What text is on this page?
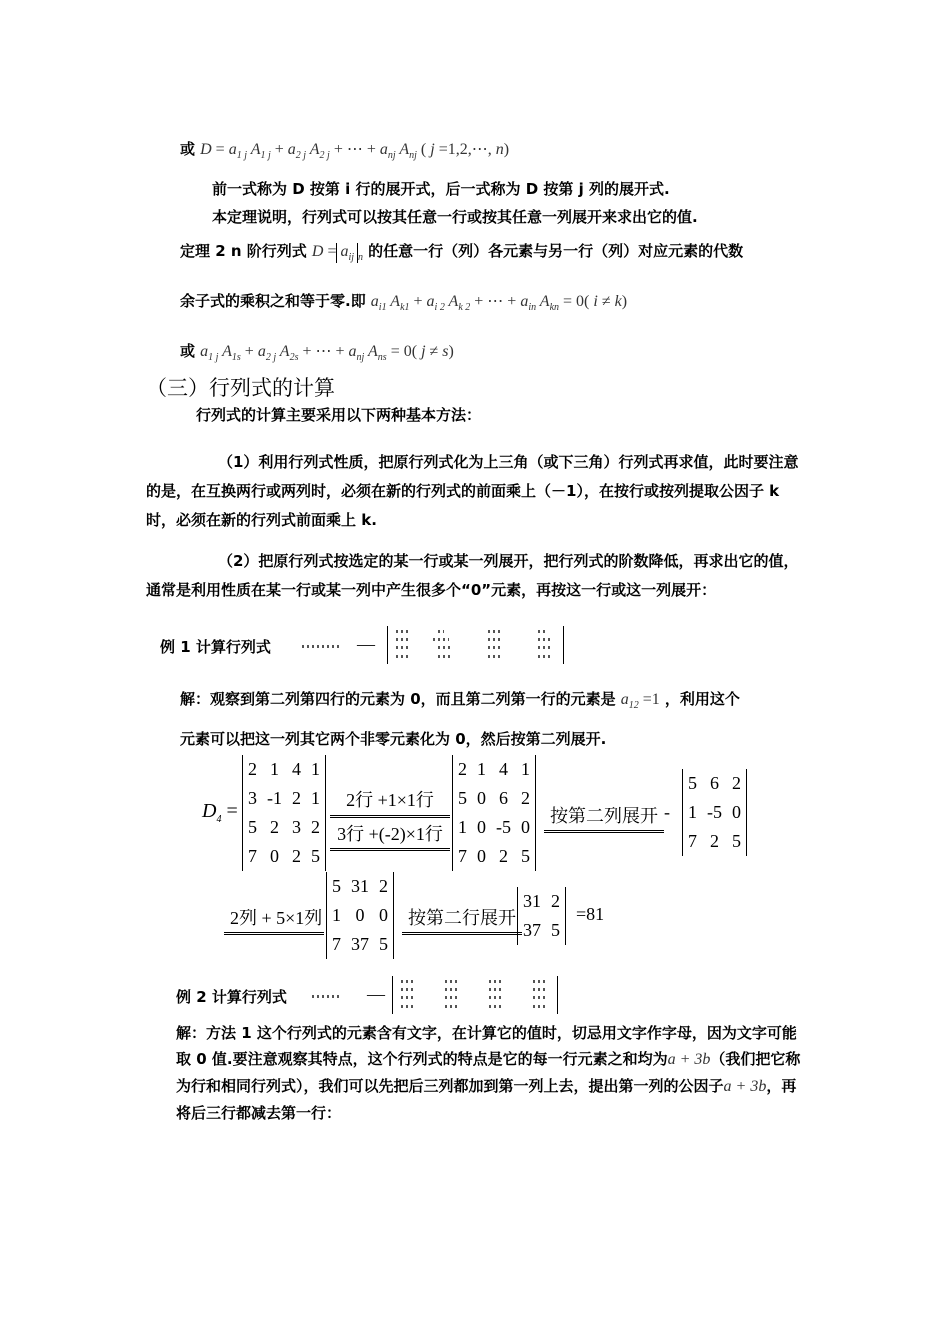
或 $D = a_{1 j}$ $A_{1 j} + a_{2 j}$ $A_{2 j}$ + ⋯ + $a_{nj}$ $A_{nj}$ ( j =1,2,⋯, n)
前一式称为 D 按第 i 行的展开式，后一式称为 D 按第 j 列的展开式.
本定理说明，行列式可以按其任意一行或按其任意一列展开来求出它的值.
定理 2 n 阶行列式 $D = a_{ij}$ $_n$ 的任意一行（列）各元素与另一行（列）对应元素的代数
余子式的乘积之和等于零.即 $a_{i1}$ $A_{k1} + a_{i 2}$ $A_{k 2}$ + ⋯ + $a_{in}$ $A_{kn} = 0$( i ≠ k)
或 $a_{1 j}$ $A_{1s} + a_{2 j}$ $A_{2s}$ + ⋯ + $a_{nj}$ $A_{ns} = 0$( j ≠ s)
（三）行列式的计算
行列式的计算主要采用以下两种基本方法：
（1）利用行列式性质，把原行列式化为上三角（或下三角）行列式再求值，此时要注意的是，在互换两行或两列时，必须在新的行列式的前面乘上（－1），在按行或按列提取公因子 k 时，必须在新的行列式前面乘上 k.
（2）把原行列式按选定的某一行或某一列展开，把行列式的阶数降低，再求出它的值，通常是利用性质在某一行或某一列中产生很多个“0”元素，再按这一行或这一列展开：
例 1 计算行列式	—
解：观察到第二列第四行的元素为 0，而且第二列第一行的元素是 $a_{12} =1$ ，利用这个
元素可以把这一列其它两个非零元素化为 0，然后按第二列展开.
$D_4$ =
2	1	4	1
3	-1	2	1
5	2	3	2
7	0	2	5
2行 +1×1行
3行 +(-2)×1行
2	1	4	1
5	0	6	2
1	0	-5	0
7	0	2	5
按第二列展开 -
5	6	2
1	-5	0
7	2	5
2列 + 5×1列
5	31	2
1	0	0
7	37	5
按第二行展开
31	2
37	5
=81
例 2 计算行列式	—
解：方法 1 这个行列式的元素含有文字，在计算它的值时，切忌用文字作字母，因为文字可能取 0 值.要注意观察其特点，这个行列式的特点是它的每一行元素之和均为a + 3b（我们把它称为行和相同行列式），我们可以先把后三列都加到第一列上去，提出第一列的公因子a + 3b，再将后三行都减去第一行：
